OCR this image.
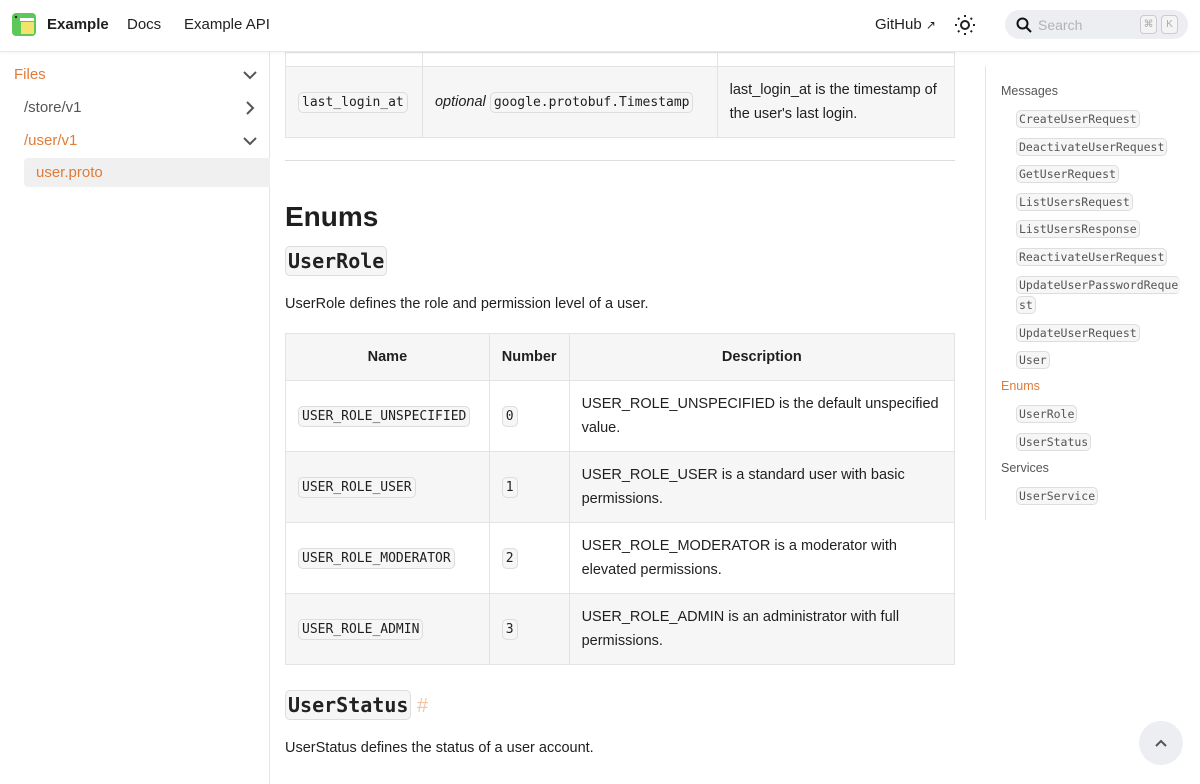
Example Docs Example API	GitHub ↗	Search	⌘	K
Files
/store/v1
/user/v1
user.proto

last_login_at	optional google.protobuf.Timestamp	last_login_at is the timestamp of the user's last login.
Enums
UserRole

UserRole defines the role and permission level of a user.

Name	Number	Description
USER_ROLE_UNSPECIFIED	0	USER_ROLE_UNSPECIFIED is the default unspecified value.
USER_ROLE_USER	1	USER_ROLE_USER is a standard user with basic permissions.
USER_ROLE_MODERATOR	2	USER_ROLE_MODERATOR is a moderator with elevated permissions.
USER_ROLE_ADMIN	3	USER_ROLE_ADMIN is an administrator with full permissions.
UserStatus #

UserStatus defines the status of a user account.

Messages
CreateUserRequest
DeactivateUserRequest
GetUserRequest
ListUsersRequest
ListUsersResponse
ReactivateUserRequest
UpdateUserPasswordReque
st
UpdateUserRequest
User
Enums
UserRole
UserStatus
Services
UserService
